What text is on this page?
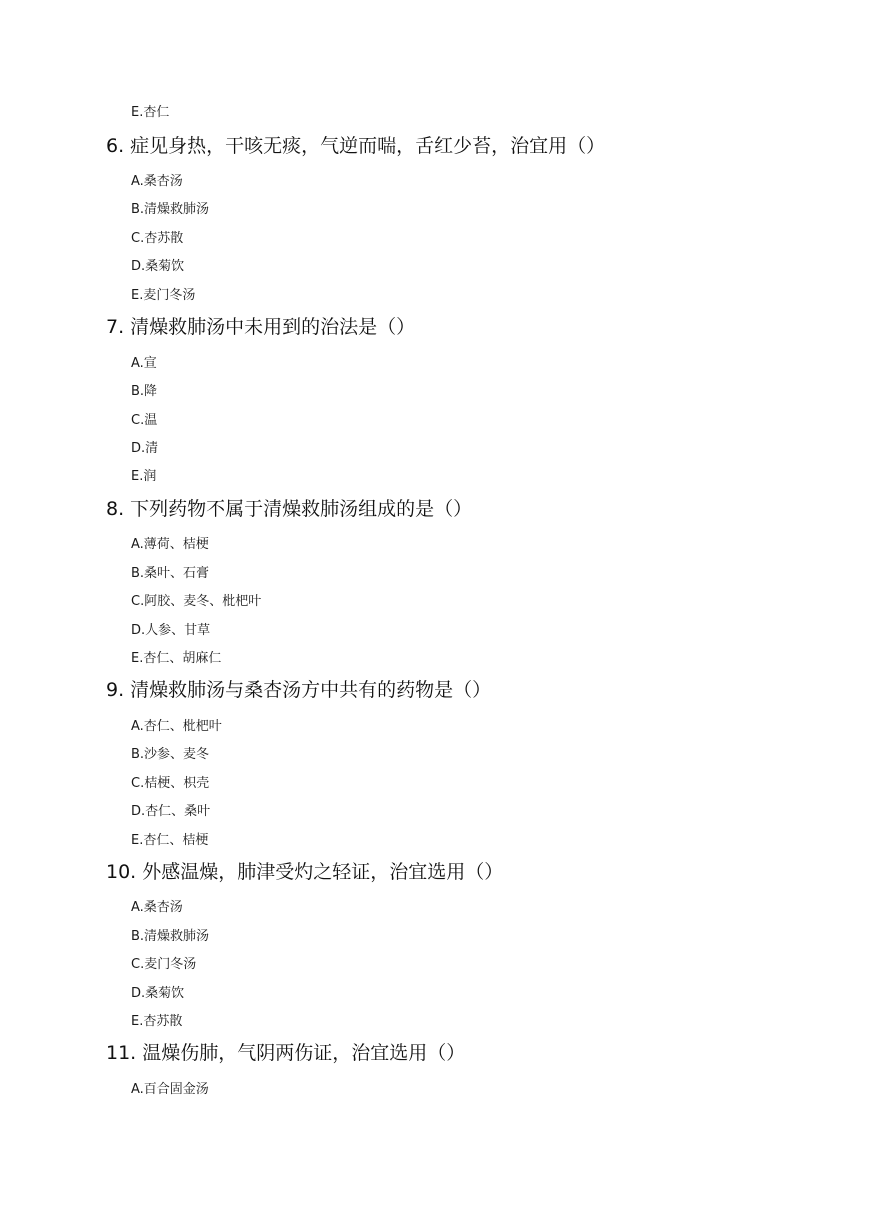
E.杏仁
6. 症见身热，干咳无痰，气逆而喘，舌红少苔，治宜用（）
A.桑杏汤
B.清燥救肺汤
C.杏苏散
D.桑菊饮
E.麦门冬汤
7. 清燥救肺汤中未用到的治法是（）
A.宣
B.降
C.温
D.清
E.润
8. 下列药物不属于清燥救肺汤组成的是（）
A.薄荷、桔梗
B.桑叶、石膏
C.阿胶、麦冬、枇杷叶
D.人参、甘草
E.杏仁、胡麻仁
9. 清燥救肺汤与桑杏汤方中共有的药物是（）
A.杏仁、枇杷叶
B.沙参、麦冬
C.桔梗、枳壳
D.杏仁、桑叶
E.杏仁、桔梗
10. 外感温燥，肺津受灼之轻证，治宜选用（）
A.桑杏汤
B.清燥救肺汤
C.麦门冬汤
D.桑菊饮
E.杏苏散
11. 温燥伤肺，气阴两伤证，治宜选用（）
A.百合固金汤
